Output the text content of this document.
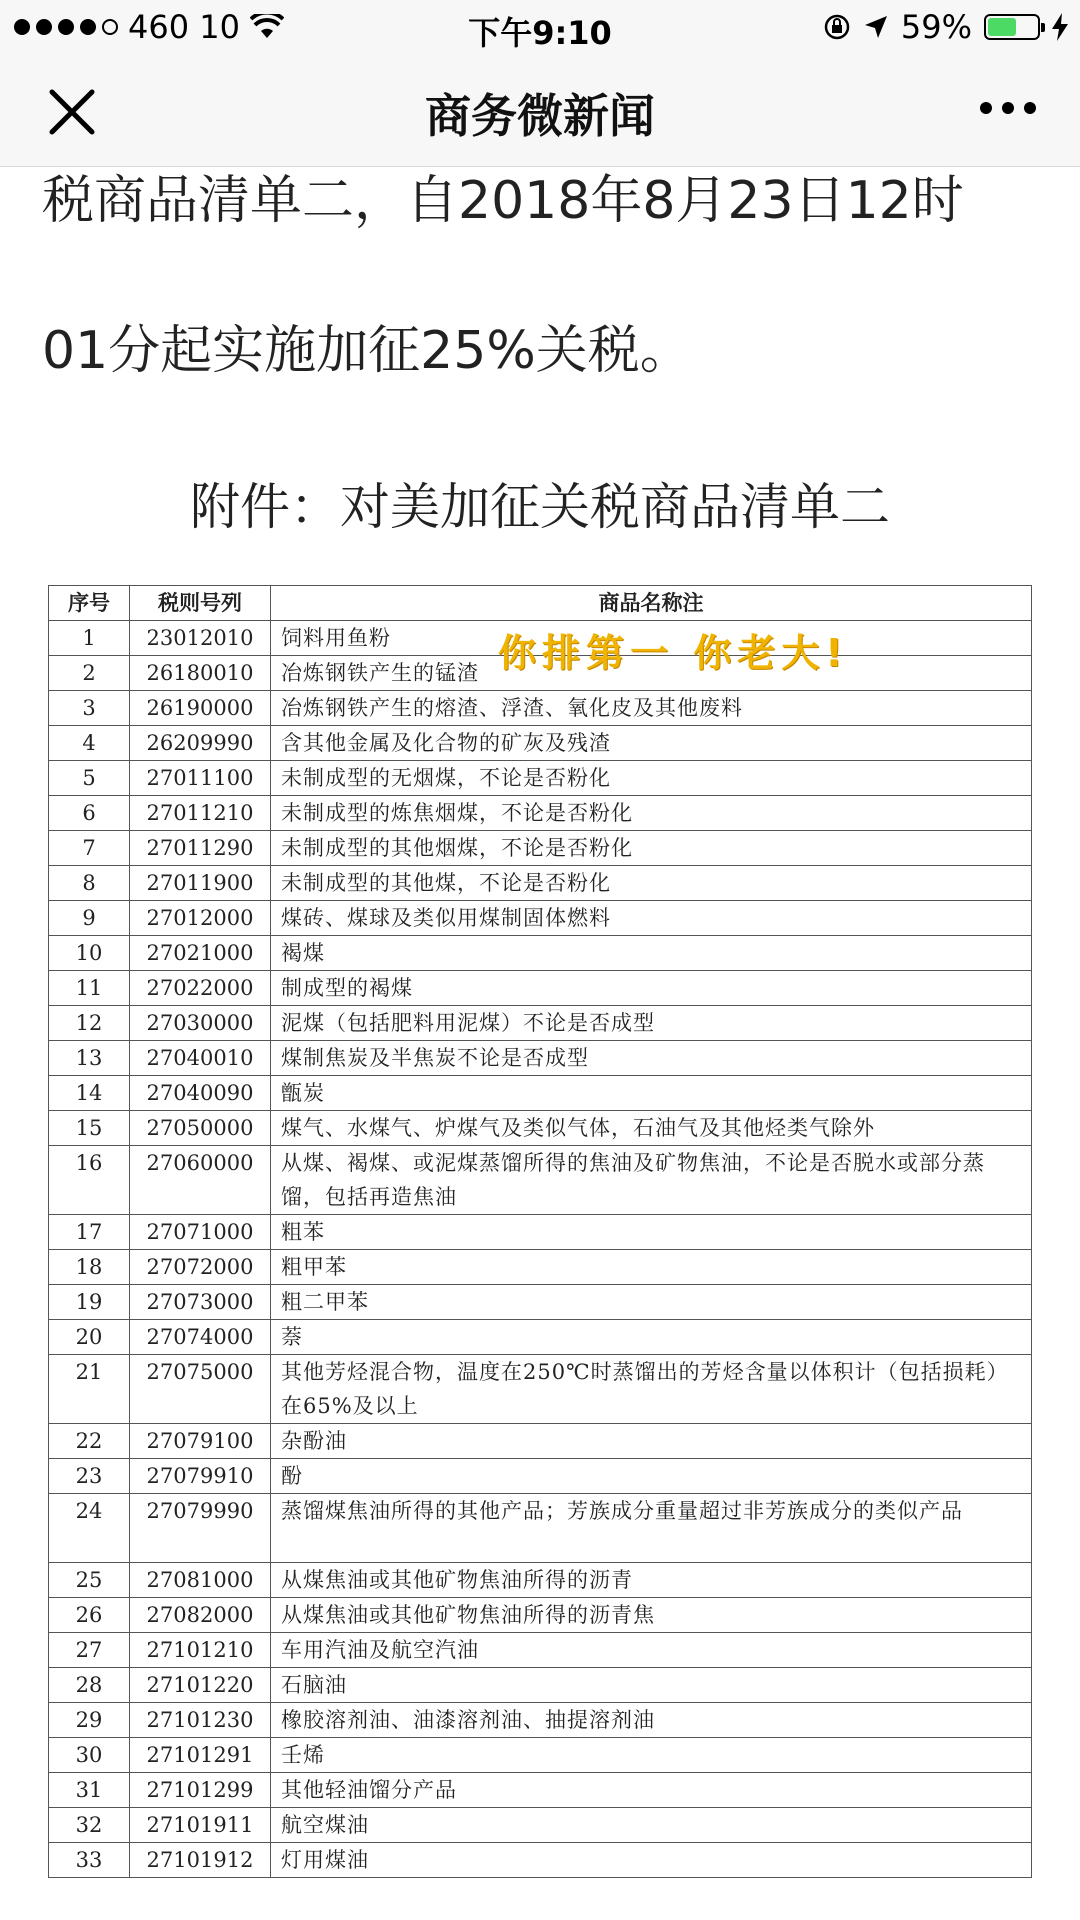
460 10	下午9:10	59%
商务微新闻
税商品清单二，自2018年8月23日12时
01分起实施加征25%关税。
附件：对美加征关税商品清单二
序号	税则号列	商品名称注
1	23012010	饲料用鱼粉
2	26180010	冶炼钢铁产生的锰渣
3	26190000	冶炼钢铁产生的熔渣、浮渣、氧化皮及其他废料
4	26209990	含其他金属及化合物的矿灰及残渣
5	27011100	未制成型的无烟煤，不论是否粉化
6	27011210	未制成型的炼焦烟煤，不论是否粉化
7	27011290	未制成型的其他烟煤，不论是否粉化
8	27011900	未制成型的其他煤，不论是否粉化
9	27012000	煤砖、煤球及类似用煤制固体燃料
10	27021000	褐煤
11	27022000	制成型的褐煤
12	27030000	泥煤（包括肥料用泥煤）不论是否成型
13	27040010	煤制焦炭及半焦炭不论是否成型
14	27040090	甑炭
15	27050000	煤气、水煤气、炉煤气及类似气体，石油气及其他烃类气除外
16	27060000	从煤、褐煤、或泥煤蒸馏所得的焦油及矿物焦油，不论是否脱水或部分蒸馏，包括再造焦油
17	27071000	粗苯
18	27072000	粗甲苯
19	27073000	粗二甲苯
20	27074000	萘
21	27075000	其他芳烃混合物，温度在250℃时蒸馏出的芳烃含量以体积计（包括损耗）在65%及以上
22	27079100	杂酚油
23	27079910	酚
24	27079990	蒸馏煤焦油所得的其他产品；芳族成分重量超过非芳族成分的类似产品
25	27081000	从煤焦油或其他矿物焦油所得的沥青
26	27082000	从煤焦油或其他矿物焦油所得的沥青焦
27	27101210	车用汽油及航空汽油
28	27101220	石脑油
29	27101230	橡胶溶剂油、油漆溶剂油、抽提溶剂油
30	27101291	壬烯
31	27101299	其他轻油馏分产品
32	27101911	航空煤油
33	27101912	灯用煤油
你排第一 你老大!
